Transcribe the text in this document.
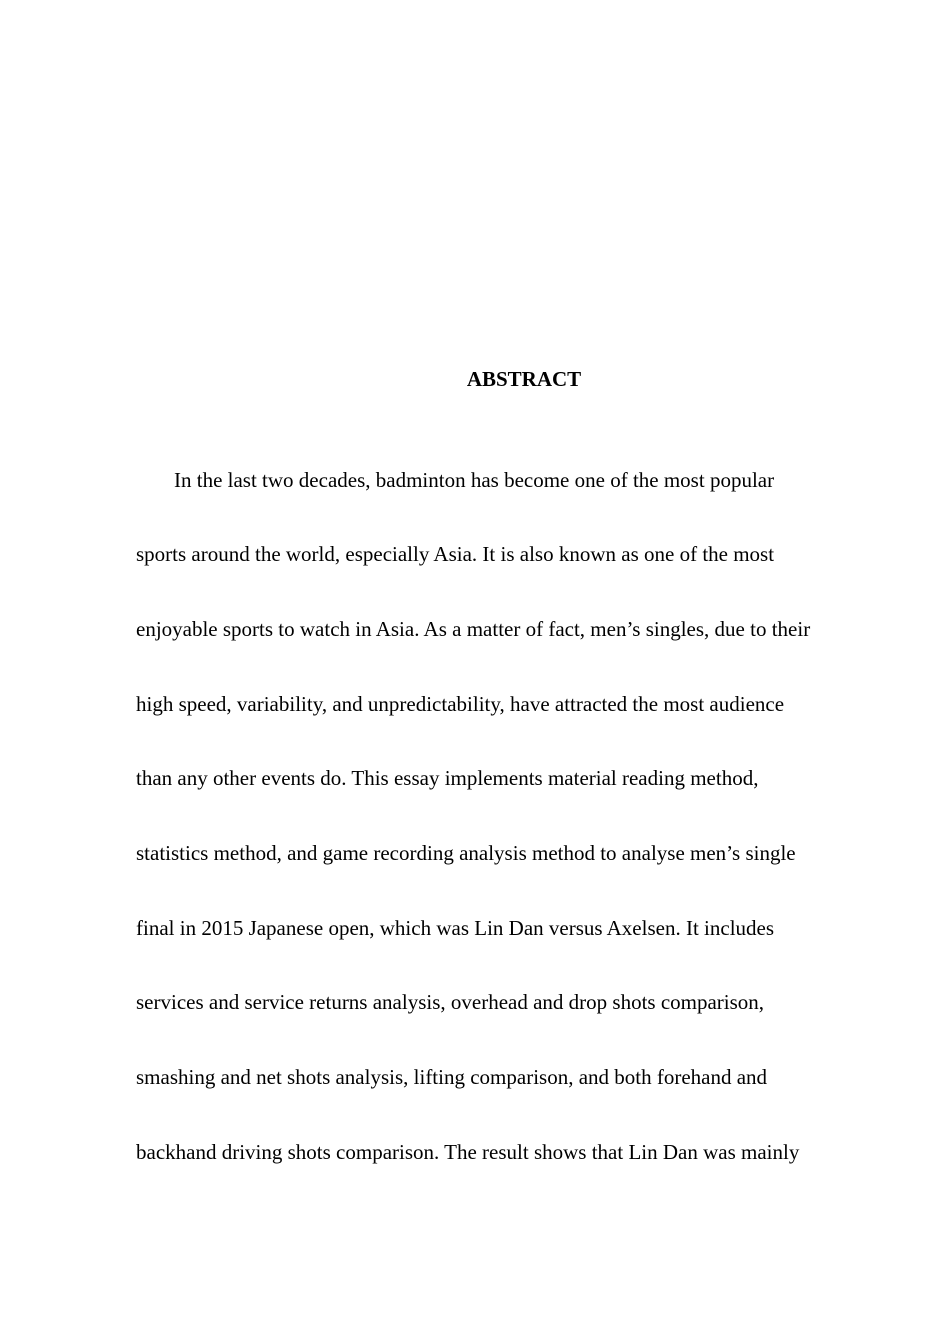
ABSTRACT
In the last two decades, badminton has become one of the most popular
sports around the world, especially Asia. It is also known as one of the most
enjoyable sports to watch in Asia. As a matter of fact, men’s singles, due to their
high speed, variability, and unpredictability, have attracted the most audience
than any other events do. This essay implements material reading method,
statistics method, and game recording analysis method to analyse men’s single
final in 2015 Japanese open, which was Lin Dan versus Axelsen. It includes
services and service returns analysis, overhead and drop shots comparison,
smashing and net shots analysis, lifting comparison, and both forehand and
backhand driving shots comparison. The result shows that Lin Dan was mainly
